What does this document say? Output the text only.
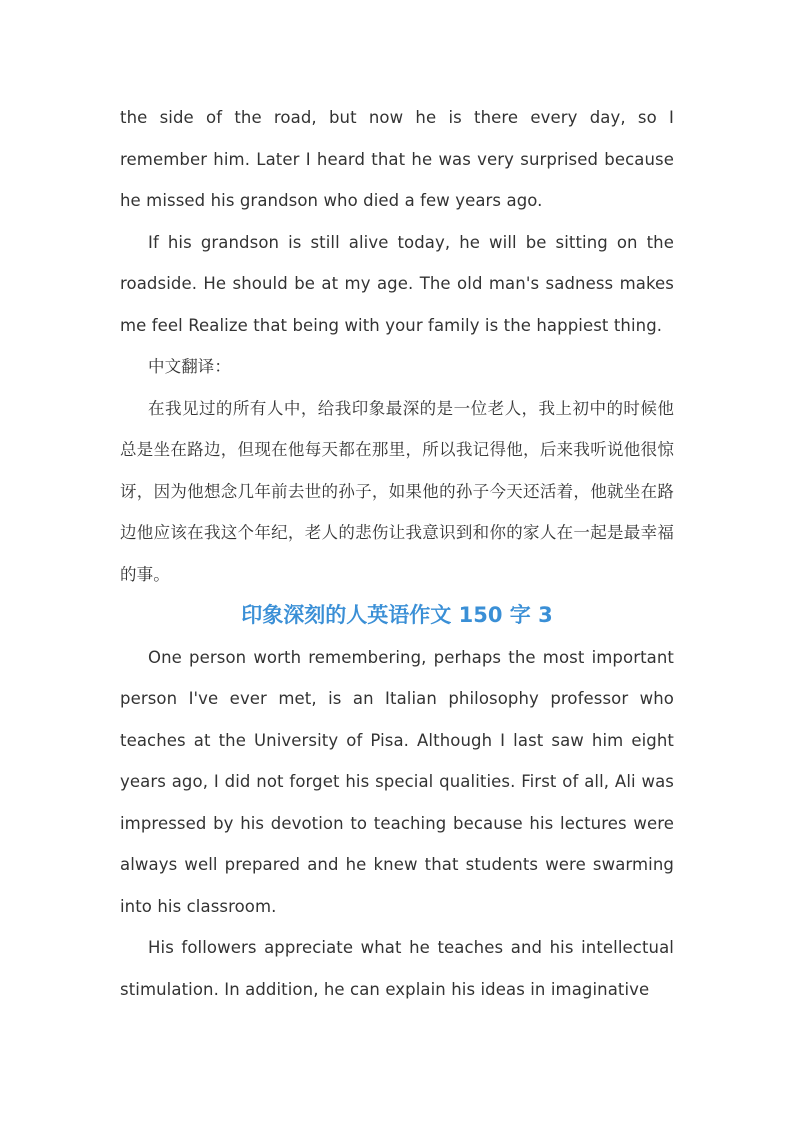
the side of the road, but now he is there every day, so I remember him. Later I heard that he was very surprised because he missed his grandson who died a few years ago.

If his grandson is still alive today, he will be sitting on the roadside. He should be at my age. The old man's sadness makes me feel Realize that being with your family is the happiest thing.

中文翻译：

在我见过的所有人中，给我印象最深的是一位老人，我上初中的时候他总是坐在路边，但现在他每天都在那里，所以我记得他，后来我听说他很惊讶，因为他想念几年前去世的孙子，如果他的孙子今天还活着，他就坐在路边他应该在我这个年纪，老人的悲伤让我意识到和你的家人在一起是最幸福的事。

印象深刻的人英语作文 150 字 3

One person worth remembering, perhaps the most important person I've ever met, is an Italian philosophy professor who teaches at the University of Pisa. Although I last saw him eight years ago, I did not forget his special qualities. First of all, Ali was impressed by his devotion to teaching because his lectures were always well prepared and he knew that students were swarming into his classroom.

His followers appreciate what he teaches and his intellectual stimulation. In addition, he can explain his ideas in imaginative
